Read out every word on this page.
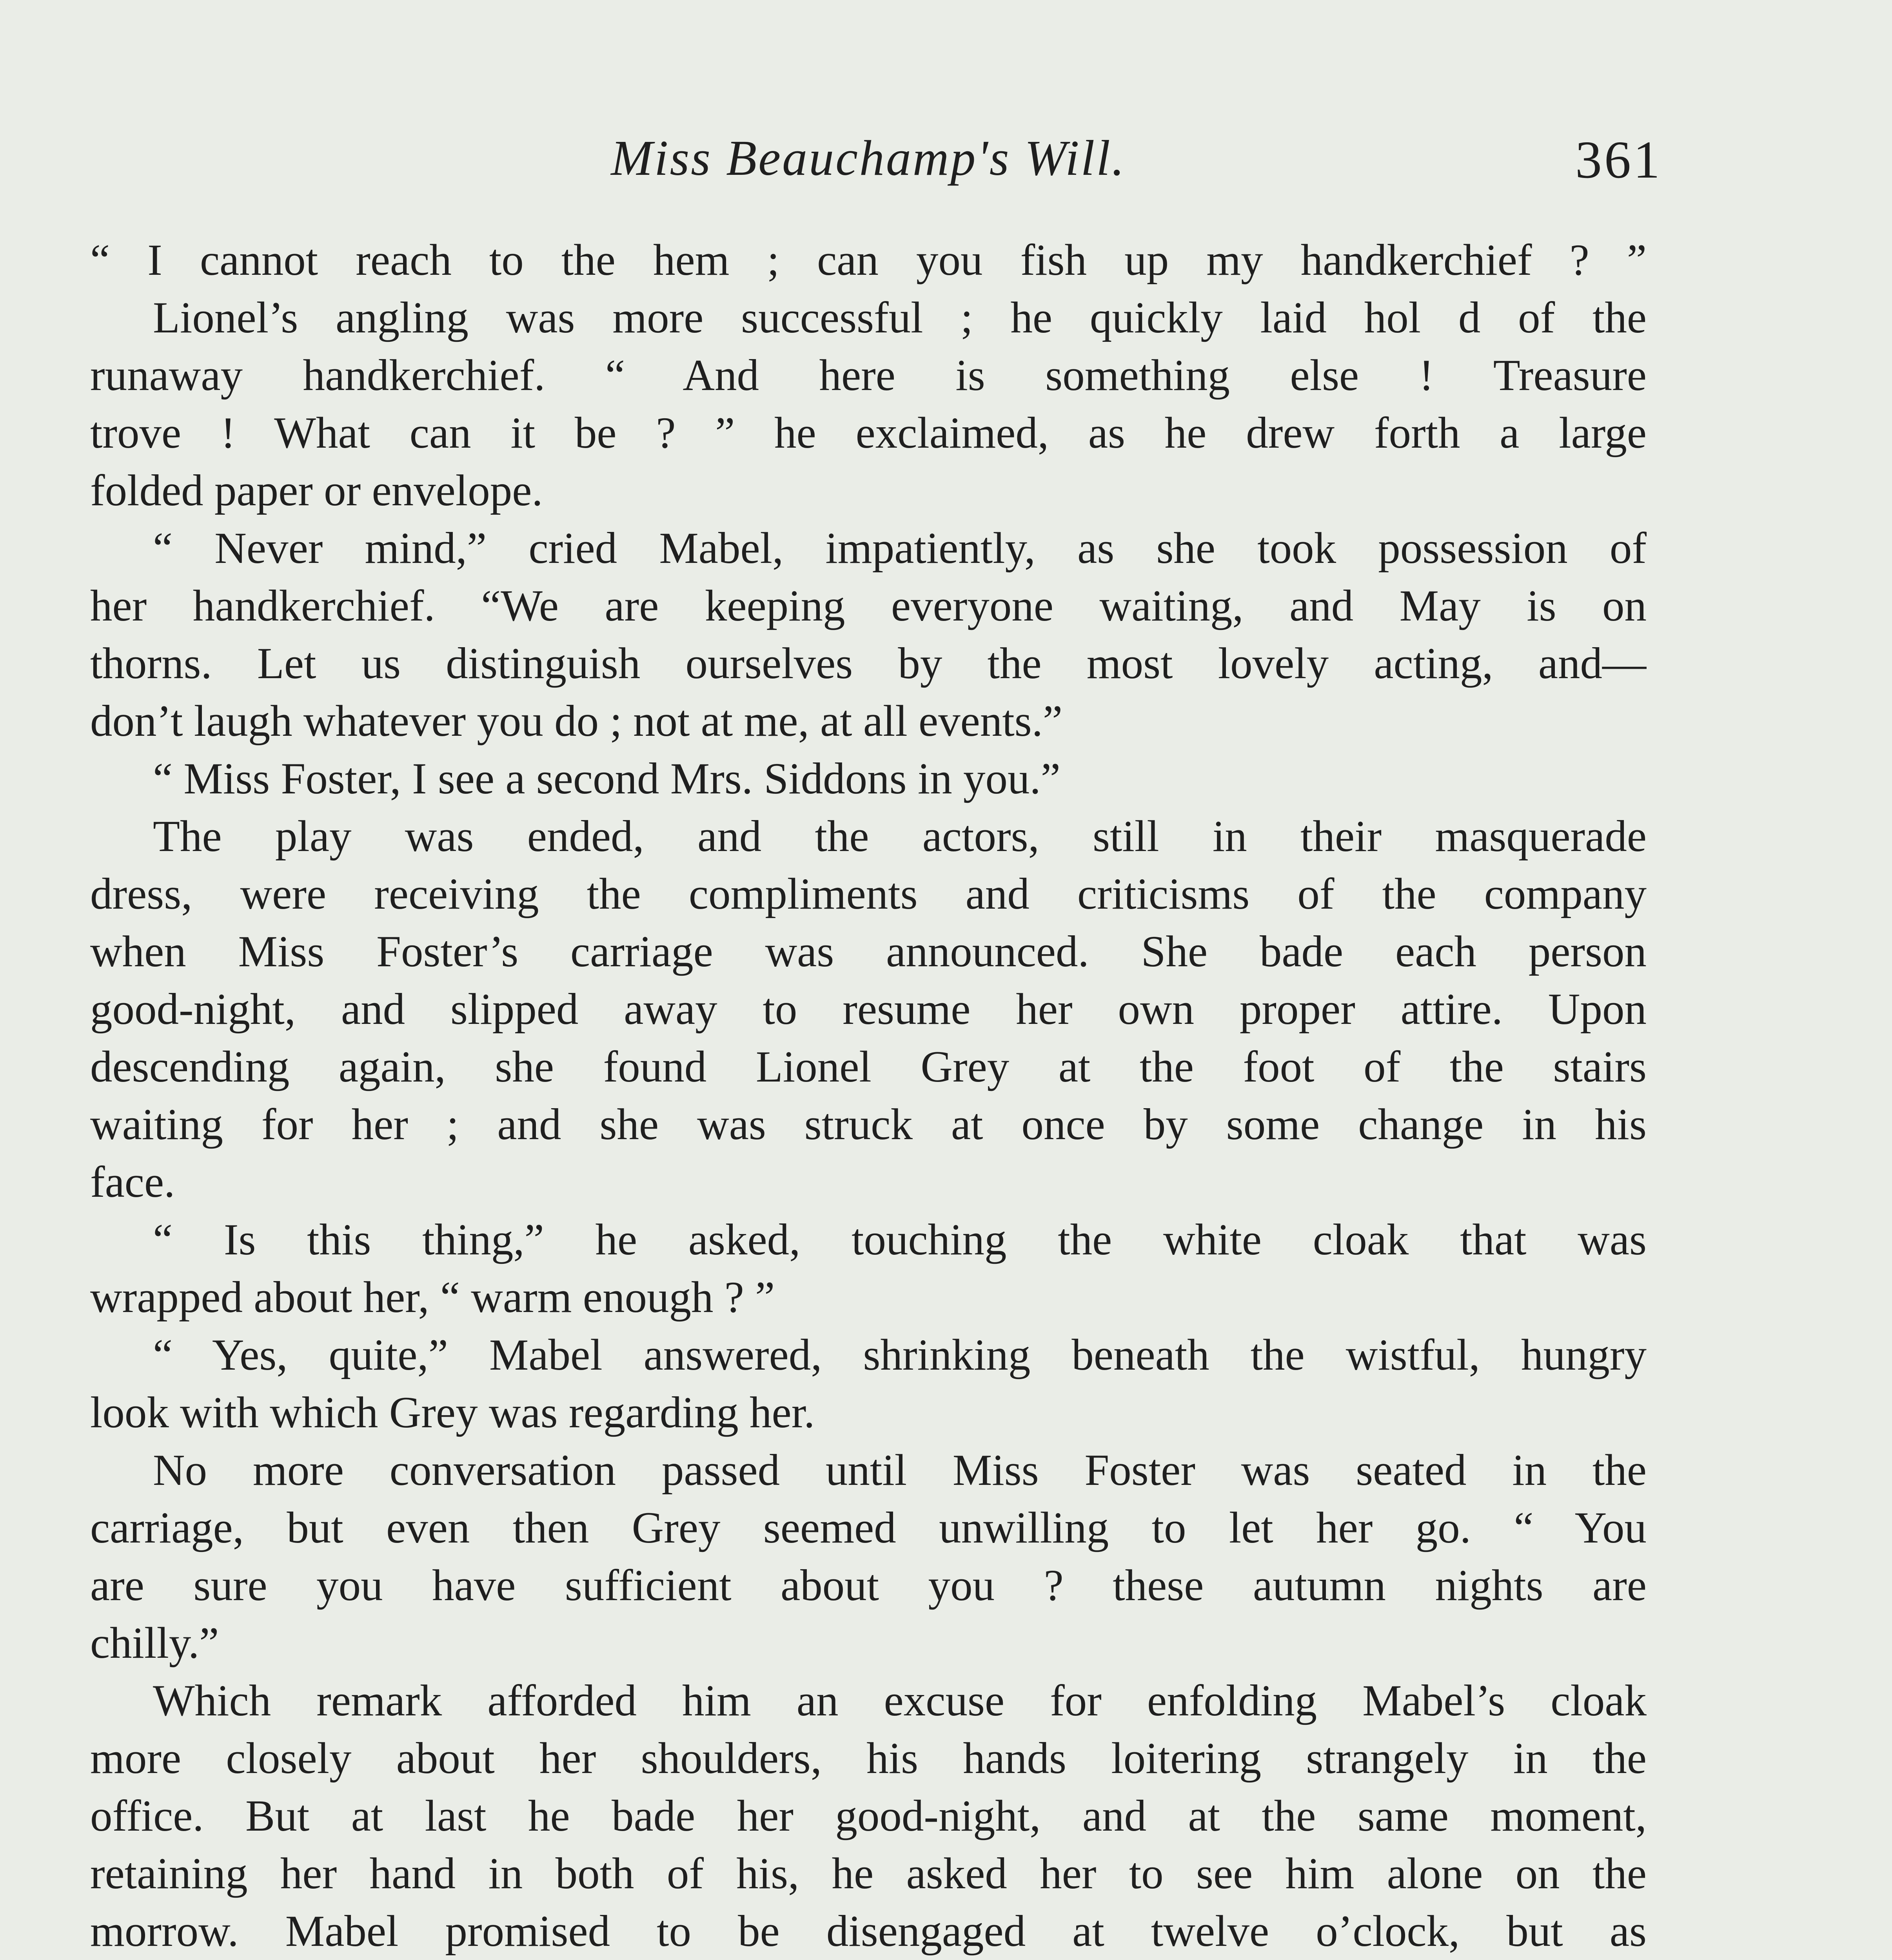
Miss Beauchamp's Will.	361
“ I cannot reach to the hem ; can you fish up my handkerchief ? ”
Lionel’s angling was more successful ; he quickly laid hol d of the
runaway handkerchief. “ And here is something else ! Treasure
trove ! What can it be ? ” he exclaimed, as he drew forth a large
folded paper or envelope.
“ Never mind,” cried Mabel, impatiently, as she took possession of
her handkerchief. “We are keeping everyone waiting, and May is on
thorns. Let us distinguish ourselves by the most lovely acting, and—
don’t laugh whatever you do ; not at me, at all events.”
“ Miss Foster, I see a second Mrs. Siddons in you.”
The play was ended, and the actors, still in their masquerade
dress, were receiving the compliments and criticisms of the company
when Miss Foster’s carriage was announced. She bade each person
good-night, and slipped away to resume her own proper attire. Upon
descending again, she found Lionel Grey at the foot of the stairs
waiting for her ; and she was struck at once by some change in his
face.
“ Is this thing,” he asked, touching the white cloak that was
wrapped about her, “ warm enough ? ”
“ Yes, quite,” Mabel answered, shrinking beneath the wistful, hungry
look with which Grey was regarding her.
No more conversation passed until Miss Foster was seated in the
carriage, but even then Grey seemed unwilling to let her go. “ You
are sure you have sufficient about you ? these autumn nights are
chilly.”
Which remark afforded him an excuse for enfolding Mabel’s cloak
more closely about her shoulders, his hands loitering strangely in the
office. But at last he bade her good-night, and at the same moment,
retaining her hand in both of his, he asked her to see him alone on the
morrow. Mabel promised to be disengaged at twelve o’clock, but as
